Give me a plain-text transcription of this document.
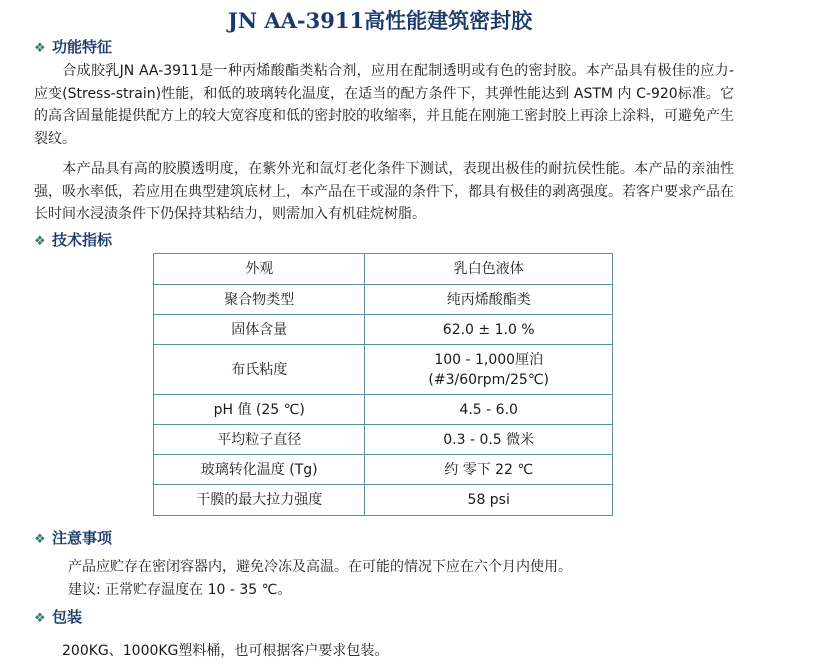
JN AA-3911高性能建筑密封胶
❖ 功能特征
合成胶乳JN AA-3911是一种丙烯酸酯类粘合剂，应用在配制透明或有色的密封胶。本产品具有极佳的应力-应变(Stress-strain)性能，和低的玻璃转化温度，在适当的配方条件下，其弹性能达到 ASTM 内 C-920标准。它的高含固量能提供配方上的较大宽容度和低的密封胶的收缩率，并且能在刚施工密封胶上再涂上涂料，可避免产生裂纹。
本产品具有高的胶膜透明度，在紫外光和氙灯老化条件下测试，表现出极佳的耐抗侯性能。本产品的亲油性强，吸水率低，若应用在典型建筑底材上，本产品在干或湿的条件下，都具有极佳的剥离强度。若客户要求产品在长时间水浸渍条件下仍保持其粘结力，则需加入有机硅烷树脂。
❖ 技术指标
外观	乳白色液体
聚合物类型	纯丙烯酸酯类
固体含量	62.0 ± 1.0 %
布氏粘度	100 - 1,000厘泊
(#3/60rpm/25℃)

pH 值 (25 ℃)	4.5 - 6.0
平均粒子直径	0.3 - 0.5 微米
玻璃转化温度 (Tg)	约 零下 22 ℃
干膜的最大拉力强度	58 psi
❖ 注意事项
产品应贮存在密闭容器内，避免冷冻及高温。在可能的情况下应在六个月内使用。
建议: 正常贮存温度在 10 - 35 ℃。
❖ 包装
200KG、1000KG塑料桶，也可根据客户要求包装。
